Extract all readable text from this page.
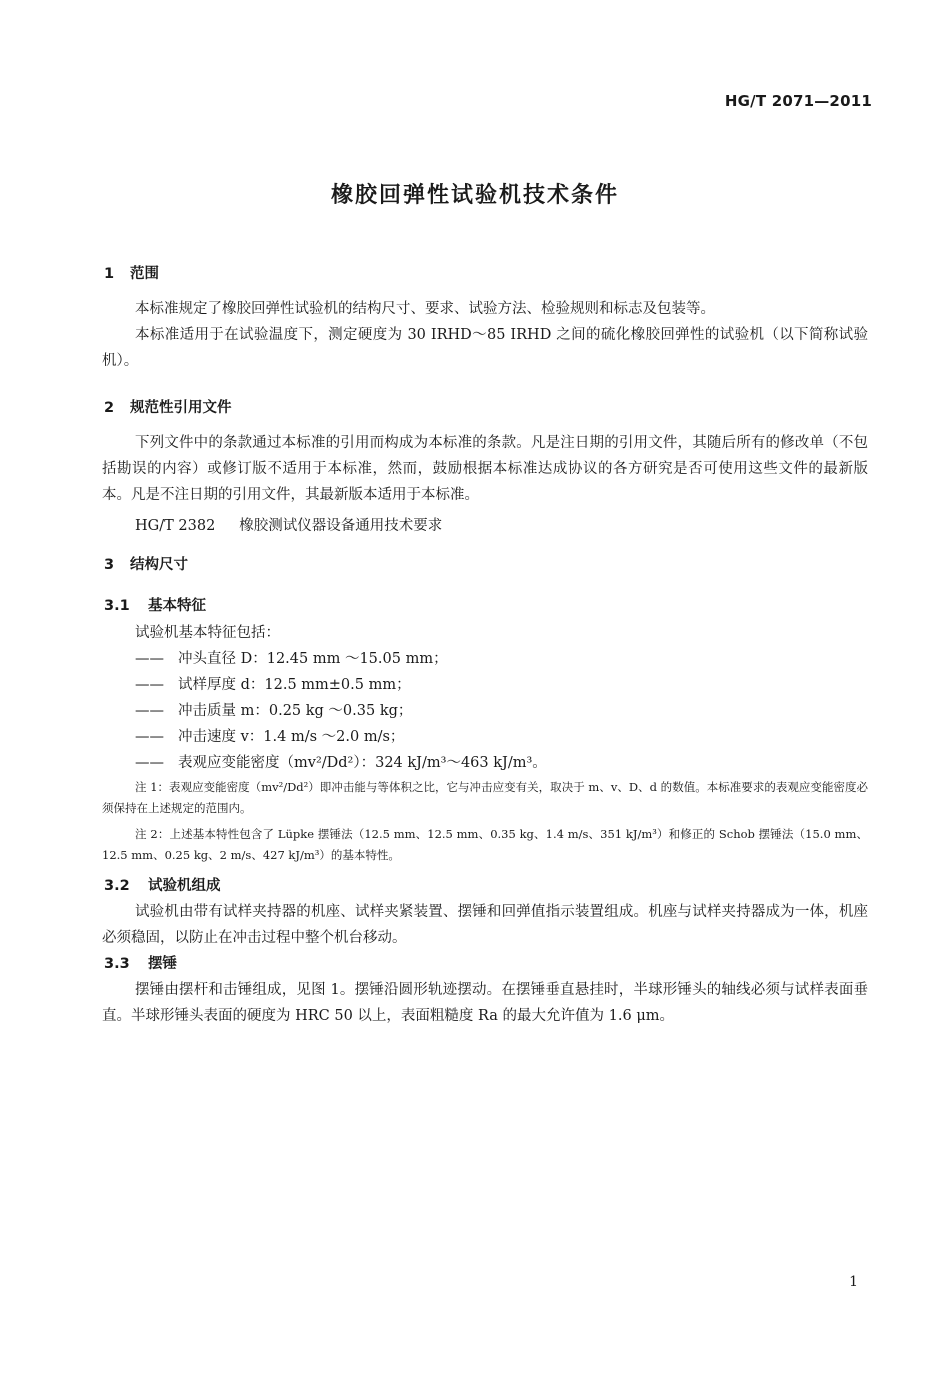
HG/T 2071—2011
橡胶回弹性试验机技术条件
1 范围
本标准规定了橡胶回弹性试验机的结构尺寸、要求、试验方法、检验规则和标志及包装等。
本标准适用于在试验温度下，测定硬度为 30 IRHD～85 IRHD 之间的硫化橡胶回弹性的试验机（以下简称试验机）。
2 规范性引用文件
下列文件中的条款通过本标准的引用而构成为本标准的条款。凡是注日期的引用文件，其随后所有的修改单（不包括勘误的内容）或修订版不适用于本标准，然而，鼓励根据本标准达成协议的各方研究是否可使用这些文件的最新版本。凡是不注日期的引用文件，其最新版本适用于本标准。
HG/T 2382 橡胶测试仪器设备通用技术要求
3 结构尺寸
3.1 基本特征
试验机基本特征包括：
—— 冲头直径 D：12.45 mm ～15.05 mm；
—— 试样厚度 d：12.5 mm±0.5 mm；
—— 冲击质量 m：0.25 kg ～0.35 kg；
—— 冲击速度 v：1.4 m/s ～2.0 m/s；
—— 表观应变能密度（mv²/Dd²）：324 kJ/m³～463 kJ/m³。
注 1：表观应变能密度（mv²/Dd²）即冲击能与等体积之比，它与冲击应变有关，取决于 m、v、D、d 的数值。本标准要求的表观应变能密度必须保持在上述规定的范围内。
注 2：上述基本特性包含了 Lüpke 摆锤法（12.5 mm、12.5 mm、0.35 kg、1.4 m/s、351 kJ/m³）和修正的 Schob 摆锤法（15.0 mm、12.5 mm、0.25 kg、2 m/s、427 kJ/m³）的基本特性。
3.2 试验机组成
试验机由带有试样夹持器的机座、试样夹紧装置、摆锤和回弹值指示装置组成。机座与试样夹持器成为一体，机座必须稳固，以防止在冲击过程中整个机台移动。
3.3 摆锤
摆锤由摆杆和击锤组成，见图 1。摆锤沿圆形轨迹摆动。在摆锤垂直悬挂时，半球形锤头的轴线必须与试样表面垂直。半球形锤头表面的硬度为 HRC 50 以上，表面粗糙度 Ra 的最大允许值为 1.6 μm。
1
